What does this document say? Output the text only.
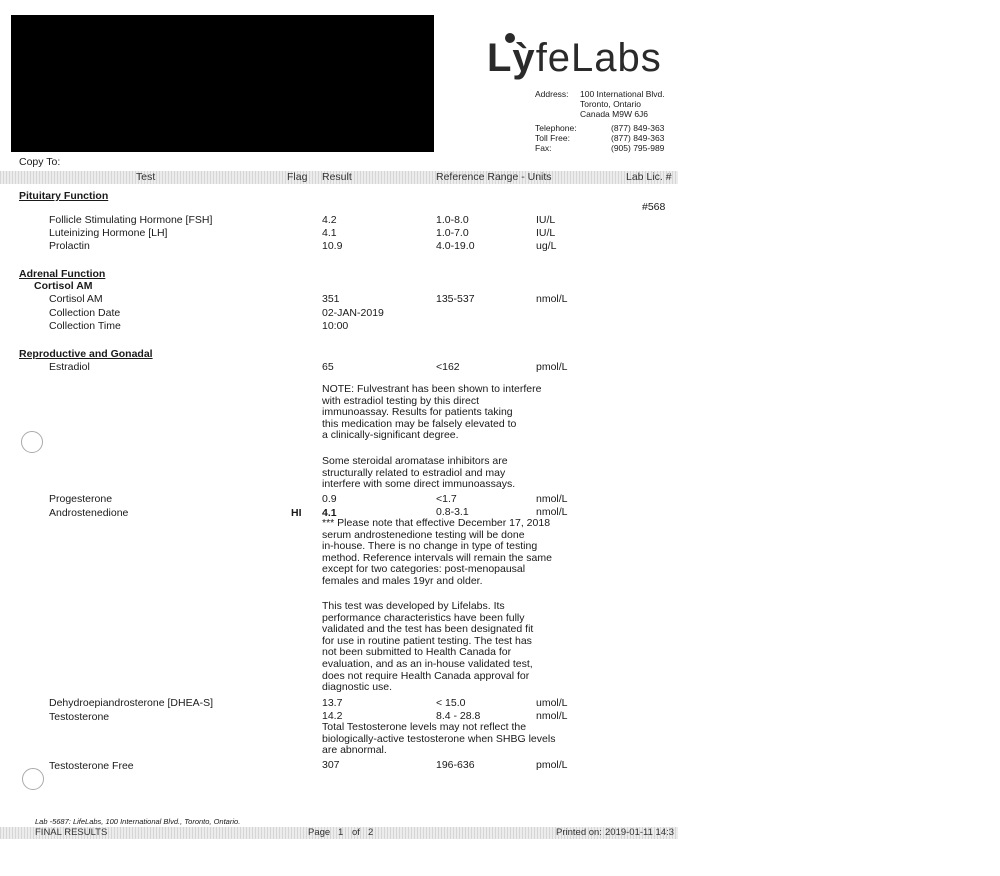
LỳfeLabs
Address: 100 International Blvd.
Toronto, Ontario
Canada M9W 6J6
Telephone:	(877) 849-363
Toll Free:	(877) 849-363
Fax:	(905) 795-989
Copy To:
Test	Flag Result	Reference Range - Units	Lab Lic. #
Pituitary Function
#568
Follicle Stimulating Hormone [FSH]	4.2	1.0-8.0	IU/L
Luteinizing Hormone [LH]	4.1	1.0-7.0	IU/L
Prolactin	10.9	4.0-19.0	ug/L
Adrenal Function
Cortisol AM
Cortisol AM	351	135-537	nmol/L
Collection Date	02-JAN-2019
Collection Time	10:00
Reproductive and Gonadal
Estradiol	65	<162	pmol/L

NOTE: Fulvestrant has been shown to interfere

with estradiol testing by this direct

immunoassay. Results for patients taking

this medication may be falsely elevated to

a clinically-significant degree.

Some steroidal aromatase inhibitors are

structurally related to estradiol and may

interfere with some direct immunoassays.

Progesterone	0.9	<1.7	nmol/L
Androstenedione	HI 4.1	0.8-3.1	nmol/L

*** Please note that effective December 17, 2018

serum androstenedione testing will be done

in-house. There is no change in type of testing

method. Reference intervals will remain the same

except for two categories: post-menopausal

females and males 19yr and older.

This test was developed by Lifelabs. Its

performance characteristics have been fully

validated and the test has been designated fit

for use in routine patient testing. The test has

not been submitted to Health Canada for

evaluation, and as an in-house validated test,

does not require Health Canada approval for

diagnostic use.

Dehydroepiandrosterone [DHEA-S]	13.7	< 15.0	umol/L
Testosterone	14.2	8.4 - 28.8	nmol/L

Total Testosterone levels may not reflect the

biologically-active testosterone when SHBG levels

are abnormal.

Testosterone Free	307	196-636	pmol/L
Lab -5687: LifeLabs, 100 International Blvd., Toronto, Ontario.
FINAL RESULTS	Page 1 of 2	Printed on: 2019-01-11 14:3
